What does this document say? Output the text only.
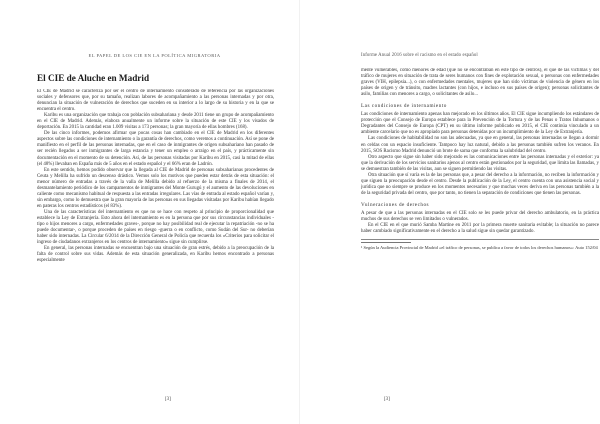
EL PAPEL DE LOS CIE EN LA POLÍTICA MIGRATORIA
El CIE de Aluche en Madrid

El CIE de Madrid se caracteriza por ser el centro de internamiento considerado de referencia por las organizaciones sociales y defensores que, por su tamaño, realizan labores de acompañamiento a las personas internadas y por otra, denuncian la situación de vulneración de derechos que suceden en su interior a lo largo de su historia y en la que se encuentra el centro.

Karibu es una organización que trabaja con población subsahariana y desde 2011 tiene un grupo de acompañamiento en el CIE de Madrid. Además, elabora anualmente un informe sobre la situación de este CIE y los visados de deportación. En 2015 la cantidad eran 1.009 visitas a 173 personas; la gran mayoría de ellas hombres (168).

De las cinco informes, podemos afirmar que pocas cosas han cambiado en el CIE de Madrid en los diferentes aspectos sobre las condiciones de internamiento o la garantía de derechos, como veremos a continuación. Así se pone de manifiesto en el perfil de las personas internadas, que en el caso de inmigrantes de origen subsahariano han pasado de ser recién llegados a ser inmigrantes de larga estancia y tener un empleo o arraigo en el país, y prácticamente sin documentación en el momento de su detención. Así, de las personas visitadas por Karibu en 2015, casi la mitad de ellas (el 48%) llevaban en España más de 5 años en el estado español y el 66% eran de Ladrón.

En este sentido, hemos podido observar que la llegada al CIE de Madrid de personas subsaharianas procedentes de Ceuta y Melilla ha sufrido un descenso drástico. Vemos solo los motivos que pueden estar detrás de esta situación: el menor número de entradas a través de la valla de Melilla debido al refuerzo de la misma a finales de 2014, el desmantelamiento periódico de los campamentos de inmigrantes del Monte Gurugú y el aumento de las devoluciones en caliente como mecanismo habitual de respuesta a las entradas irregulares. Las vías de entrada al estado español varían y, sin embargo, como lo demuestra que la gran mayoría de las personas en sus llegadas visitadas por Karibu habían llegado en pateras los centros estadísticos (el 83%).

Una de las características del internamiento es que no se hace con respeto al principio de proporcionalidad que establece la Ley de Extranjería. Esto ahora del internamiento es en la persona que por sus circunstancias individuales -tipo o hijos menores a cargo, enfermedades graves-, porque no hay posibilidad real de ejecutar la repatriación -no se ha puede documentar-, o porque proceden de países en riesgo -guerra o en conflicto, como Sudán del Sur- no deberían haber sido internadas. La Circular 6/2014 de la Dirección General de Policía que recuerda los «Criterios para solicitar el ingreso de ciudadanos extranjeros en los centros de internamiento» sigue sin cumplirse.

En general, las personas internadas se encuentran bajo una situación de gran estrés, debido a la preocupación de la falta de control sobre sus vidas. Además de esta situación generalizada, en Karibu hemos encontrado a personas especialmente

[3]
Informe Anual 2016 sobre el racismo en el estado español

mente vulnerables, como menores de edad (que no se encontraban en este tipo de centros), el que de las víctimas y del tráfico de mujeres en situación de trata de seres humanos con fines de explotación sexual, o personas con enfermedades graves (VIH, epilepsia...), o con enfermedades mentales, mujeres que han sido víctimas de violencia de género en los países de origen y de tránsito, madres lactantes (con hijos, e incluso en sus países de origen); personas solicitantes de asilo, familias con menores a cargo, o solicitantes de asilo...

Las condiciones de internamiento

Las condiciones de internamiento apenas han mejorado en los últimos años. El CIE sigue incumpliendo los estándares de protección que el Consejo de Europa establece para la Prevención de la Tortura y de las Penas o Tratos Inhumanos o Degradantes del Consejo de Europa (CPT) en su último informe publicado en 2015, el CIE continúa vinculado a un ambiente carcelario que no es apropiado para personas detenidas por un incumplimiento de la Ley de Extranjería.

Las condiciones de habitabilidad no son las adecuadas, ya que en general, las personas internadas se llegan a dormir en celdas con un espacio insuficiente. Tampoco hay luz natural, debido a las personas también sufren los veranos. En 2015, SOS Racismo Madrid denunció un brote de sarna que conforma la salubridad del centro.

Otro aspecto que sigue sin haber sido mejorado es las comunicaciones entre las personas internadas y el exterior: ya que la derivación de los servicios sanitarios ajenos al centro están gestionados por la seguridad, que limita las llamadas, y se demuestran también de las visitas, aun se siguen permitiendo las visitas.

Otra situación que sí varía es la de las personas que, a pesar del derecho a la información, no reciben la información y que siguen la preocupación desde el centro. Desde la publicación de la Ley, el centro cuenta con una asistencia social y jurídica que no siempre se produce en los momentos necesarios y que muchas veces deriva en las personas también a la de la seguridad privada del centro, que por tanto, no tienen la separación de condiciones que tienen las personas.

Vulneraciones de derechos

A pesar de que a las personas internadas en el CIE solo se les puede privar del derecho ambulatorio, en la práctica muchos de sus derechos se ven limitados o vulnerados.

En el CIE en el que murió Samba Martine en 2011 por la primera muerte sanitaria evitable; la situación no parece haber cambiado significativamente en el derecho a la salud sigue sin quedar garantizado.

¹ Según la Audiencia Provincial de Madrid «el tráfico de personas, se publica a favor de todos los derechos humanos»: Auto 152/04
[3]
